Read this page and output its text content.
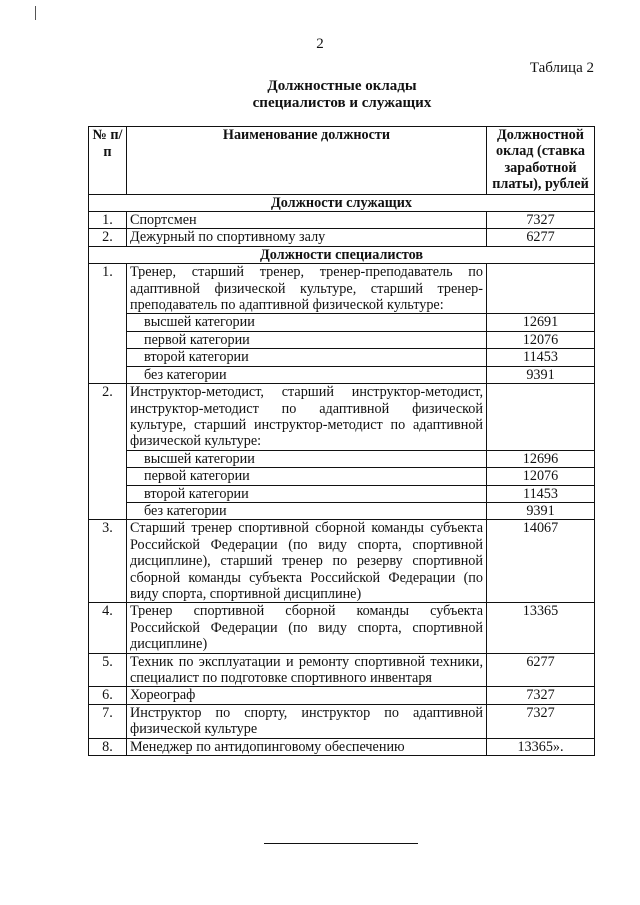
2
Таблица 2
Должностные оклады
специалистов и служащих
№ п/п	Наименование должности	Должностной оклад (ставка заработной платы), рублей
Должности служащих		
1.	Спортсмен	7327
2.	Дежурный по спортивному залу	6277
Должности специалистов		
1.	Тренер, старший тренер, тренер-преподаватель по адаптивной физической культуре, старший тренер-преподаватель по адаптивной физической культуре:	
	высшей категории	12691
	первой категории	12076
	второй категории	11453
	без категории	9391
2.	Инструктор-методист, старший инструктор-методист, инструктор-методист по адаптивной физической культуре, старший инструктор-методист по адаптивной физической культуре:	
	высшей категории	12696
	первой категории	12076
	второй категории	11453
	без категории	9391
3.	Старший тренер спортивной сборной команды субъекта Российской Федерации (по виду спорта, спортивной дисциплине), старший тренер по резерву спортивной сборной команды субъекта Российской Федерации (по виду спорта, спортивной дисциплине)	14067
4.	Тренер спортивной сборной команды субъекта Российской Федерации (по виду спорта, спортивной дисциплине)	13365
5.	Техник по эксплуатации и ремонту спортивной техники, специалист по подготовке спортивного инвентаря	6277
6.	Хореограф	7327
7.	Инструктор по спорту, инструктор по адаптивной физической культуре	7327
8.	Менеджер по антидопинговому обеспечению	13365».
